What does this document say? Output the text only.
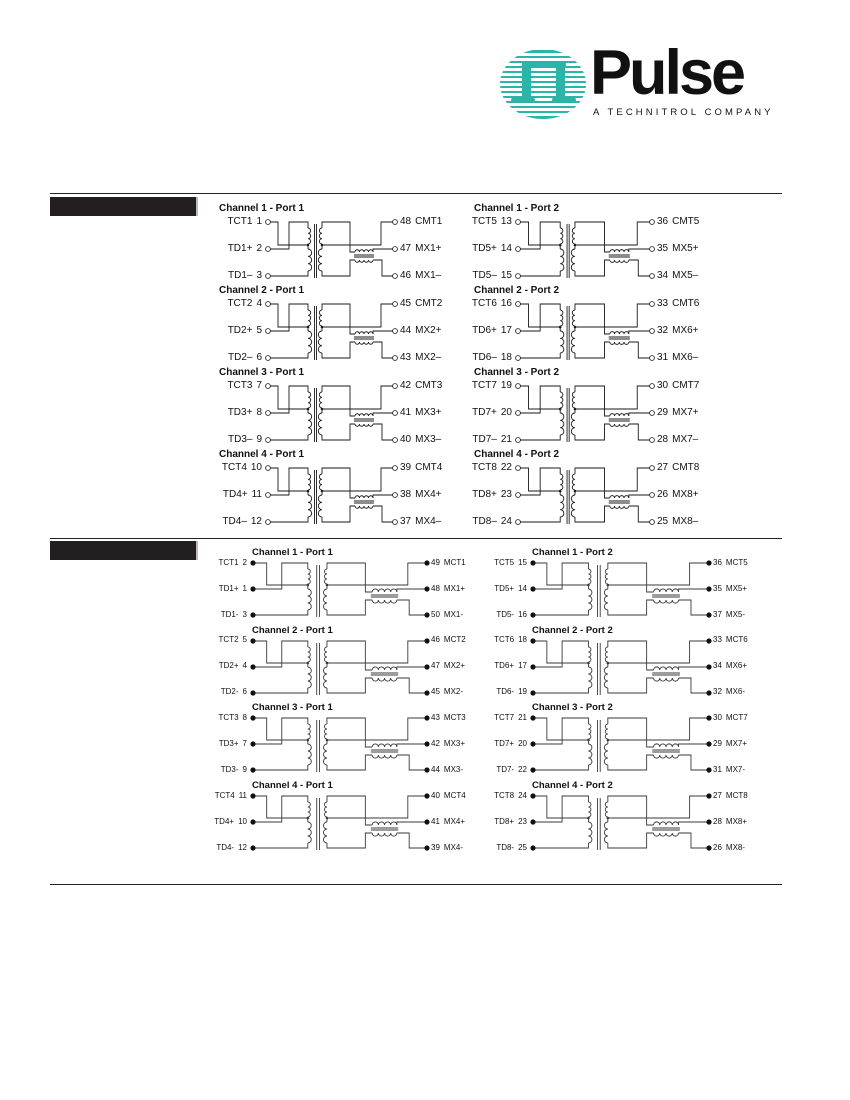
Pulse
A TECHNITROL COMPANY
Channel 1 - Port 1
TCT1 1	48 CMT1
TD1+ 2	47 MX1+
TD1– 3	46 MX1–
Channel 2 - Port 1
TCT2 4	45 CMT2
TD2+ 5	44 MX2+
TD2– 6	43 MX2–
Channel 3 - Port 1
TCT3 7	42 CMT3
TD3+ 8	41 MX3+
TD3– 9	40 MX3–
Channel 4 - Port 1
TCT4 10	39 CMT4
TD4+ 11	38 MX4+
TD4– 12	37 MX4–
Channel 1 - Port 2
TCT5 13	36 CMT5
TD5+ 14	35 MX5+
TD5– 15	34 MX5–
Channel 2 - Port 2
TCT6 16	33 CMT6
TD6+ 17	32 MX6+
TD6– 18	31 MX6–
Channel 3 - Port 2
TCT7 19	30 CMT7
TD7+ 20	29 MX7+
TD7– 21	28 MX7–
Channel 4 - Port 2
TCT8 22	27 CMT8
TD8+ 23	26 MX8+
TD8– 24	25 MX8–
Channel 1 - Port 1
TCT1 2	49 MCT1
TD1+ 1	48 MX1+
TD1- 3	50 MX1-
Channel 2 - Port 1
TCT2 5	46 MCT2
TD2+ 4	47 MX2+
TD2- 6	45 MX2-
Channel 3 - Port 1
TCT3 8	43 MCT3
TD3+ 7	42 MX3+
TD3- 9	44 MX3-
Channel 4 - Port 1
TCT4 11	40 MCT4
TD4+ 10	41 MX4+
TD4- 12	39 MX4-
Channel 1 - Port 2
TCT5 15	36 MCT5
TD5+ 14	35 MX5+
TD5- 16	37 MX5-
Channel 2 - Port 2
TCT6 18	33 MCT6
TD6+ 17	34 MX6+
TD6- 19	32 MX6-
Channel 3 - Port 2
TCT7 21	30 MCT7
TD7+ 20	29 MX7+
TD7- 22	31 MX7-
Channel 4 - Port 2
TCT8 24	27 MCT8
TD8+ 23	28 MX8+
TD8- 25	26 MX8-
